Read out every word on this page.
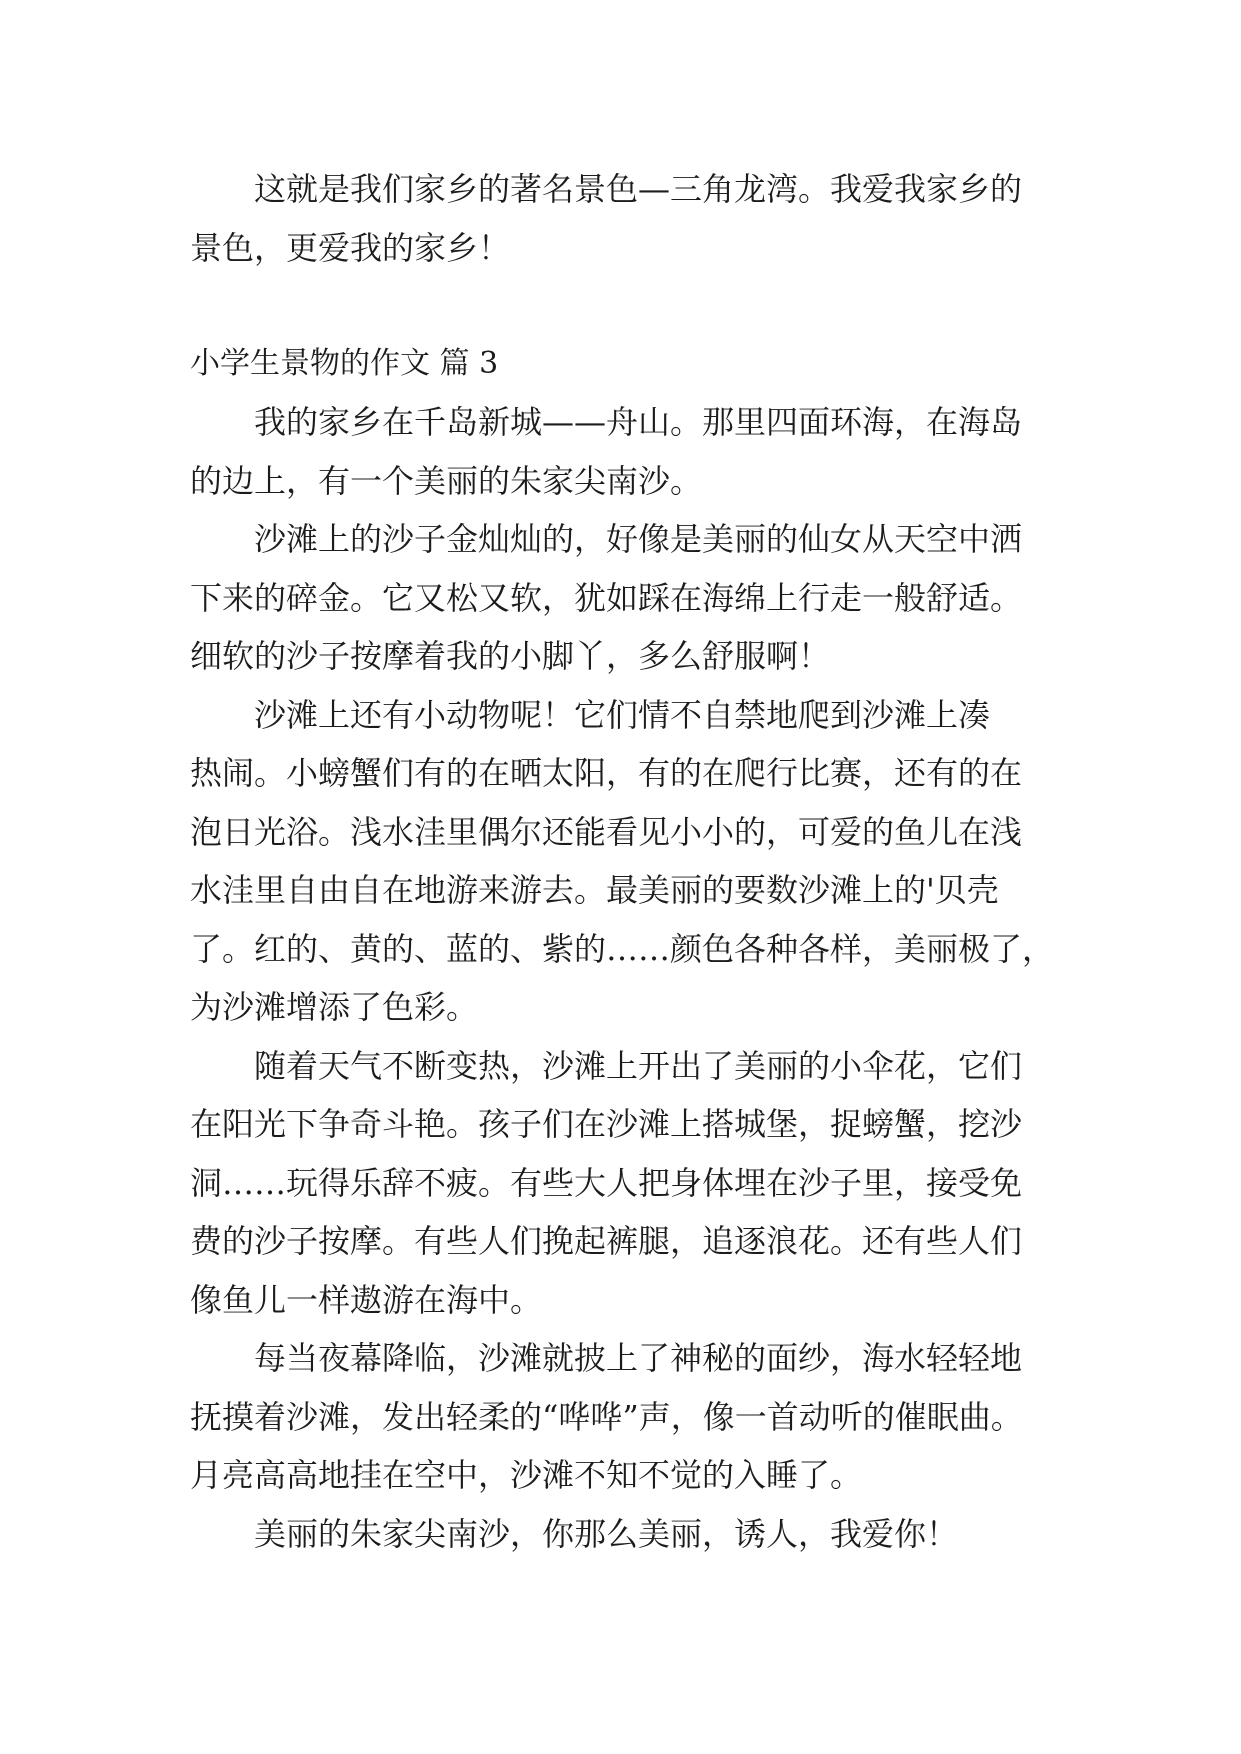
这就是我们家乡的著名景色—三角龙湾。我爱我家乡的
景色，更爱我的家乡！
小学生景物的作文 篇 3
我的家乡在千岛新城——舟山。那里四面环海，在海岛
的边上，有一个美丽的朱家尖南沙。
沙滩上的沙子金灿灿的，好像是美丽的仙女从天空中洒
下来的碎金。它又松又软，犹如踩在海绵上行走一般舒适。
细软的沙子按摩着我的小脚丫，多么舒服啊！
沙滩上还有小动物呢！它们情不自禁地爬到沙滩上凑
热闹。小螃蟹们有的在晒太阳，有的在爬行比赛，还有的在
泡日光浴。浅水洼里偶尔还能看见小小的，可爱的鱼儿在浅
水洼里自由自在地游来游去。最美丽的要数沙滩上的'贝壳
了。红的、黄的、蓝的、紫的……颜色各种各样，美丽极了，
为沙滩增添了色彩。
随着天气不断变热，沙滩上开出了美丽的小伞花，它们
在阳光下争奇斗艳。孩子们在沙滩上搭城堡，捉螃蟹，挖沙
洞……玩得乐辞不疲。有些大人把身体埋在沙子里，接受免
费的沙子按摩。有些人们挽起裤腿，追逐浪花。还有些人们
像鱼儿一样遨游在海中。
每当夜幕降临，沙滩就披上了神秘的面纱，海水轻轻地
抚摸着沙滩，发出轻柔的“哗哗”声，像一首动听的催眠曲。
月亮高高地挂在空中，沙滩不知不觉的入睡了。
美丽的朱家尖南沙，你那么美丽，诱人，我爱你！
